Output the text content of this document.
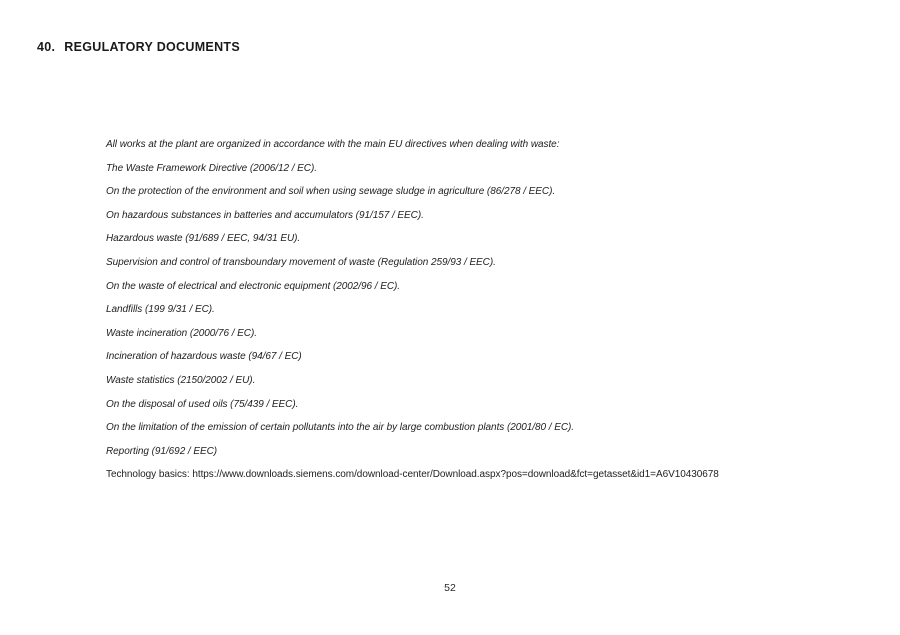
40. REGULATORY DOCUMENTS
All works at the plant are organized in accordance with the main EU directives when dealing with waste:
The Waste Framework Directive (2006/12 / EC).
On the protection of the environment and soil when using sewage sludge in agriculture (86/278 / EEC).
On hazardous substances in batteries and accumulators (91/157 / EEC).
Hazardous waste (91/689 / EEC, 94/31 EU).
Supervision and control of transboundary movement of waste (Regulation 259/93 / EEC).
On the waste of electrical and electronic equipment (2002/96 / EC).
Landfills (199 9/31 / EC).
Waste incineration (2000/76 / EC).
Incineration of hazardous waste (94/67 / EC)
Waste statistics (2150/2002 / EU).
On the disposal of used oils (75/439 / EEC).
On the limitation of the emission of certain pollutants into the air by large combustion plants (2001/80 / EC).
Reporting (91/692 / EEC)
Technology basics: https://www.downloads.siemens.com/download-center/Download.aspx?pos=download&fct=getasset&id1=A6V10430678
52
